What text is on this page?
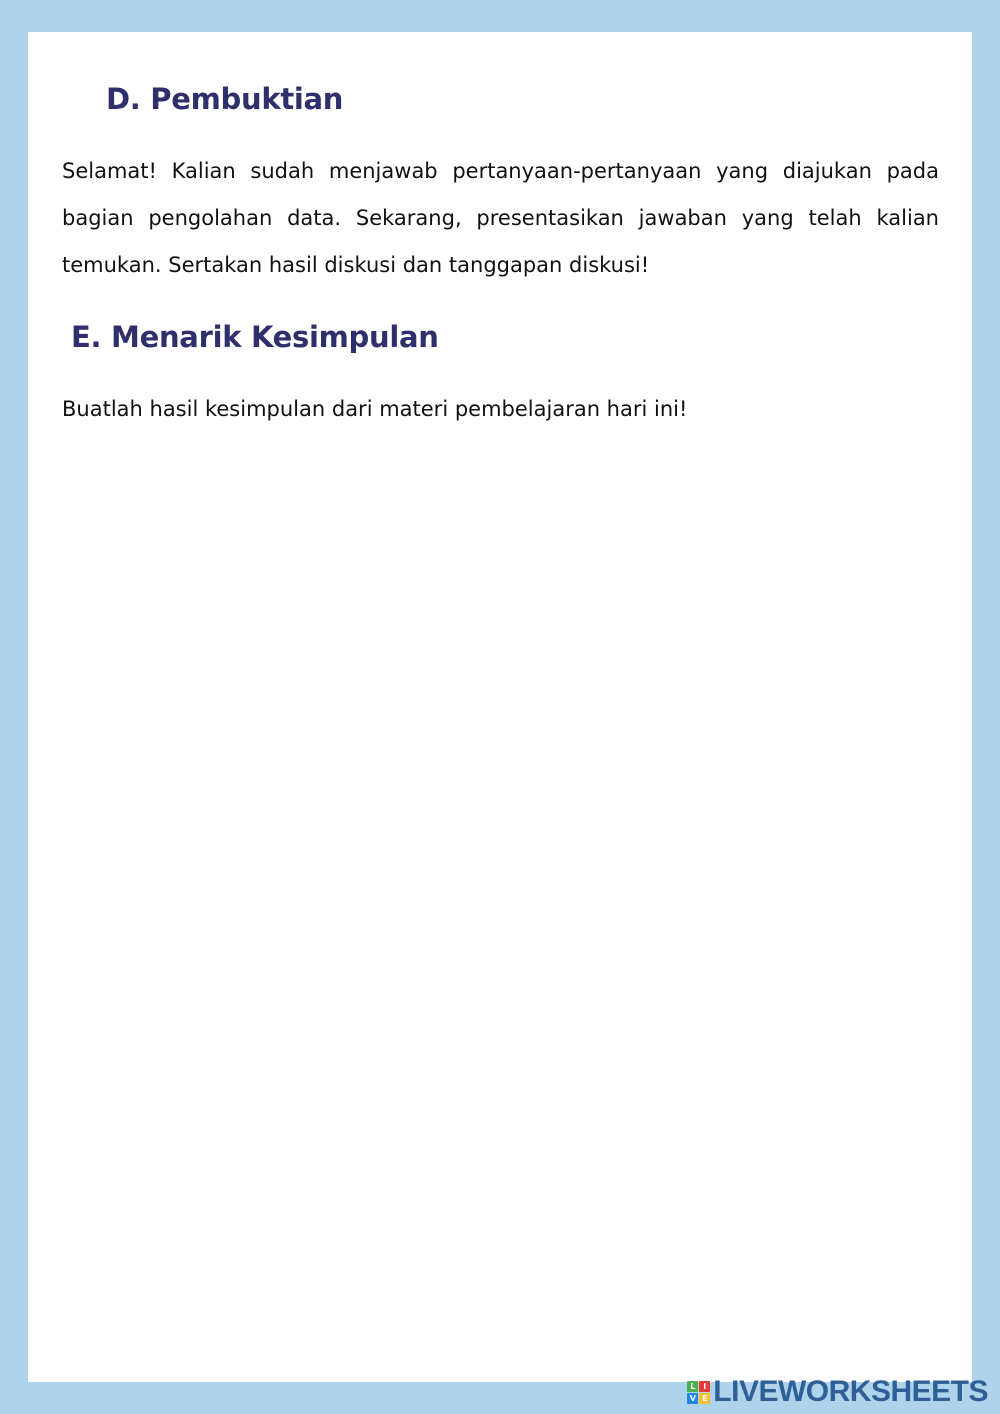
D. Pembuktian

Selamat! Kalian sudah menjawab pertanyaan-pertanyaan yang diajukan pada bagian pengolahan data. Sekarang, presentasikan jawaban yang telah kalian temukan. Sertakan hasil diskusi dan tanggapan diskusi!

E. Menarik Kesimpulan

Buatlah hasil kesimpulan dari materi pembelajaran hari ini!

L I
V E LIVEWORKSHEETS
